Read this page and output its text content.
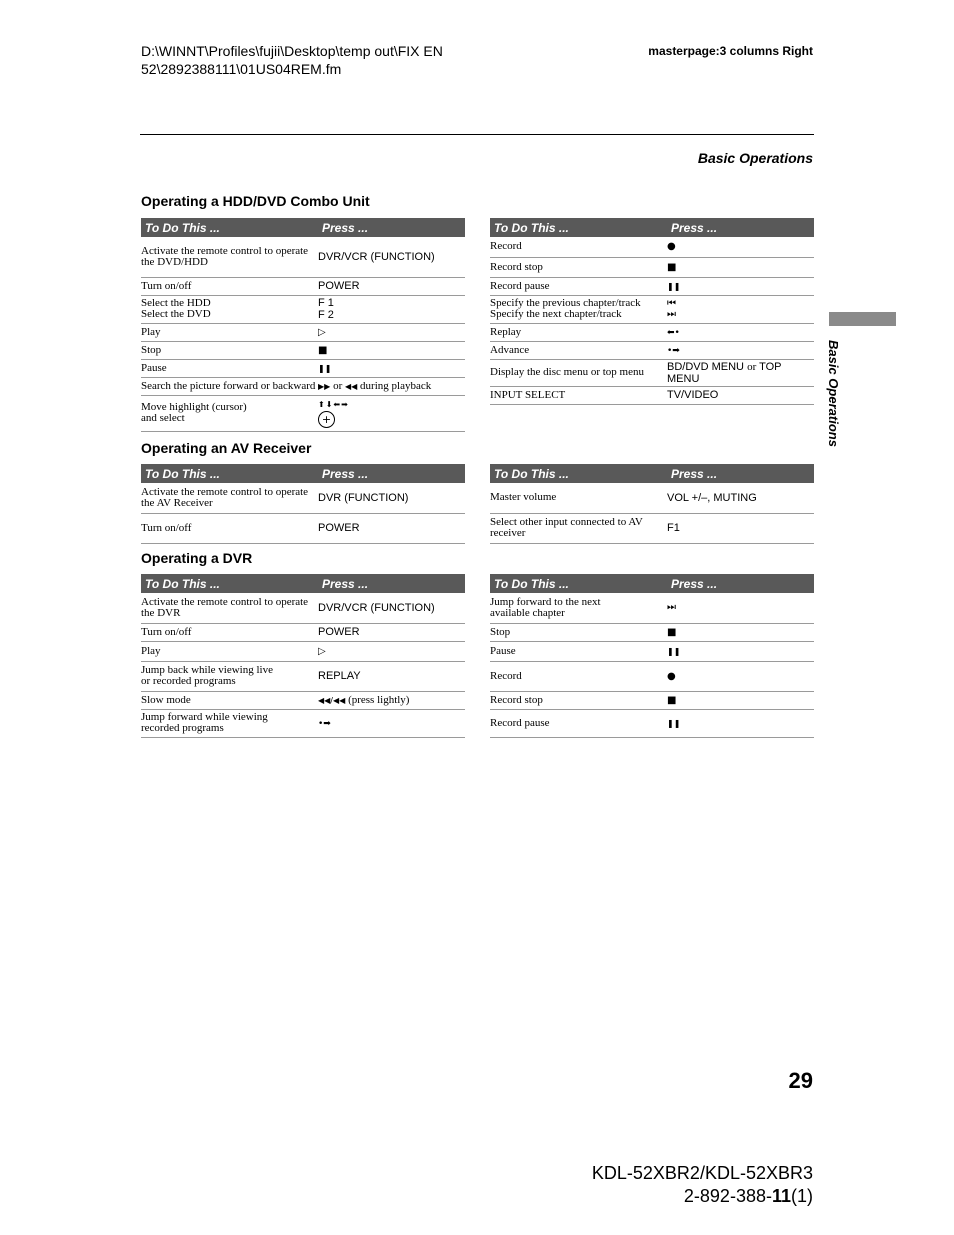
D:\WINNT\Profiles\fujii\Desktop\temp out\FIX EN
52\2892388111\01US04REM.fm
masterpage:3 columns Right
Basic Operations
Basic Operations
Operating a HDD/DVD Combo Unit
Operating an AV Receiver
Operating a DVR
To Do This ...	Press ...
Activate the remote control to operate
the DVD/HDD	DVR/VCR (FUNCTION)
Turn on/off	POWER
Select the HDD
Select the DVD	F 1
F 2
Play	▷
Stop	■
Pause	❚❚
Search the picture forward or backward	▶▶ or ◀◀ during playback
Move highlight (cursor)
and select	⬆⬇⬅➡
+
To Do This ...	Press ...
Record	●
Record stop	■
Record pause	❚❚
Specify the previous chapter/track
Specify the next chapter/track	⏮
⏭
Replay	⬅•
Advance	•➡
Display the disc menu or top menu	BD/DVD MENU or TOP MENU
INPUT SELECT	TV/VIDEO
To Do This ...	Press ...
Activate the remote control to operate
the AV Receiver	DVR (FUNCTION)
Turn on/off	POWER
To Do This ...	Press ...
Master volume	VOL +/–, MUTING
Select other input connected to AV
receiver	F1
To Do This ...	Press ...
Activate the remote control to operate
the DVR	DVR/VCR (FUNCTION)
Turn on/off	POWER
Play	▷
Jump back while viewing live
or recorded programs	REPLAY
Slow mode	◀◀/◀◀ (press lightly)
Jump forward while viewing
recorded programs	•➡
To Do This ...	Press ...
Jump forward to the next
available chapter	⏭
Stop	■
Pause	❚❚
Record	●
Record stop	■
Record pause	❚❚
29
KDL-52XBR2/KDL-52XBR3
2-892-388-11(1)
